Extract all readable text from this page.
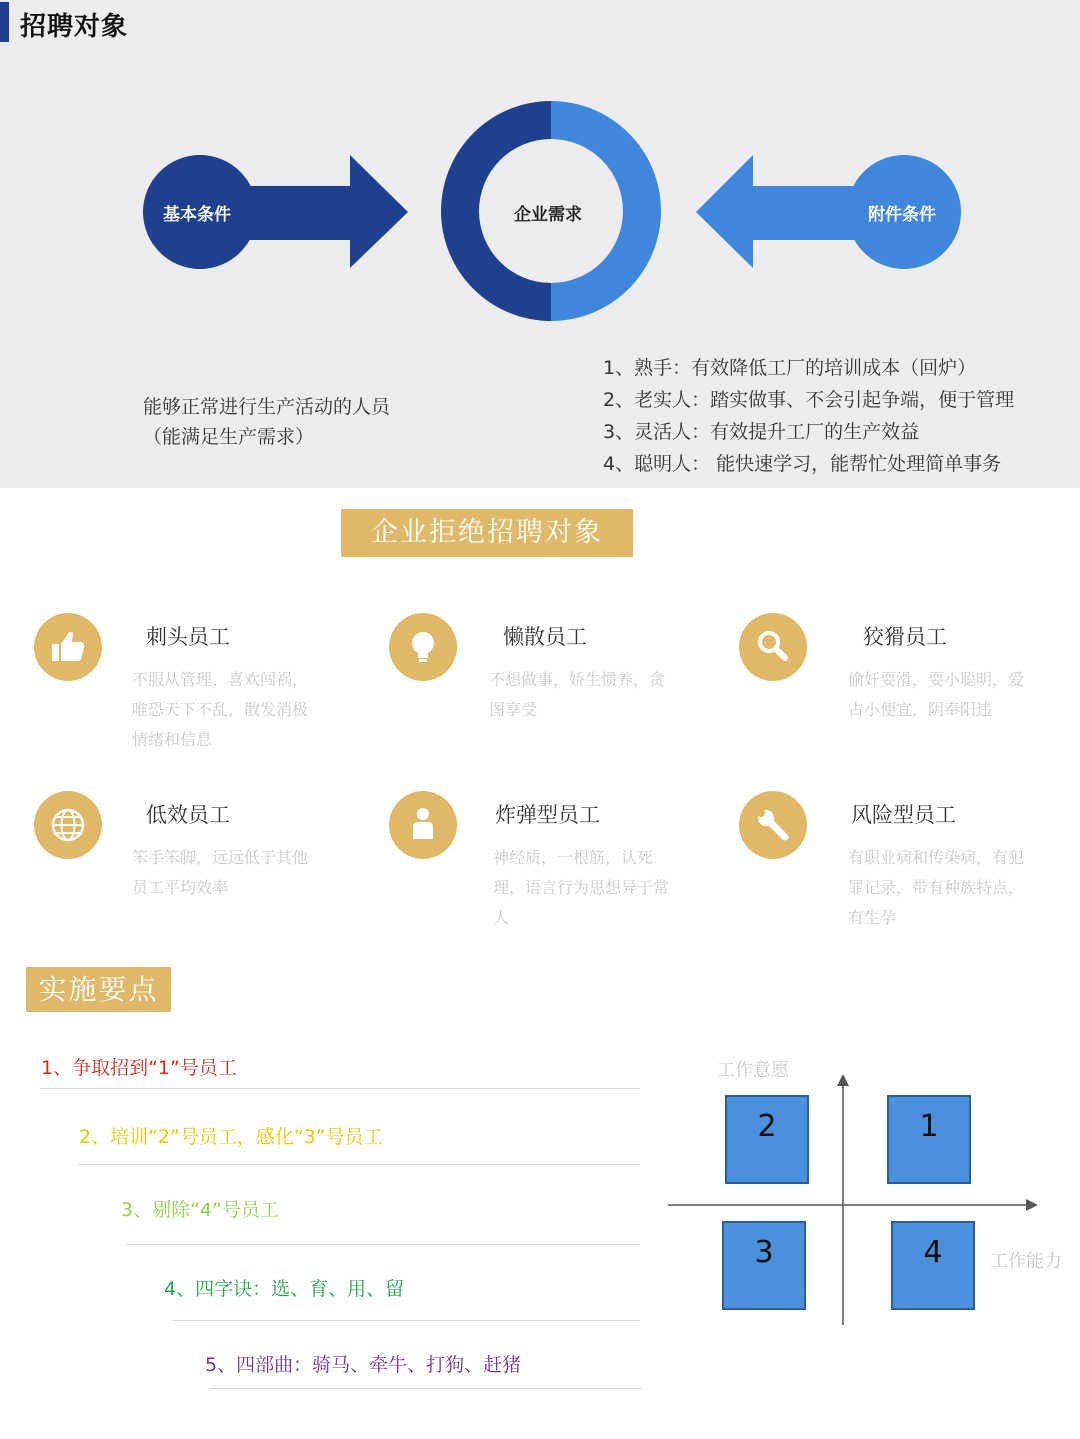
招聘对象
基本条件	企业需求	附件条件
能够正常进行生产活动的人员
（能满足生产需求）
1、熟手：有效降低工厂的培训成本（回炉）
2、老实人：踏实做事、不会引起争端，便于管理
3、灵活人：有效提升工厂的生产效益
4、聪明人： 能快速学习，能帮忙处理简单事务
企业拒绝招聘对象
刺头员工
不服从管理，喜欢闯祸，唯恐天下不乱，散发消极情绪和信息
懒散员工
不想做事，娇生惯养，贪图享受
狡猾员工
偷奸耍滑，耍小聪明，爱占小便宜，阴奉阳违
低效员工
笨手笨脚，远远低于其他员工平均效率
炸弹型员工
神经质，一根筋，认死理，语言行为思想异于常人
风险型员工
有职业病和传染病，有犯罪记录，带有种族特点，有生孕
实施要点
1、争取招到“1”号员工
2、培训“2”号员工，感化“3”号员工
3、剔除“4”号员工
4、四字诀：选、育、用、留
5、四部曲：骑马、牵牛、打狗、赶猪
工作意愿
工作能力
2	1
3	4
